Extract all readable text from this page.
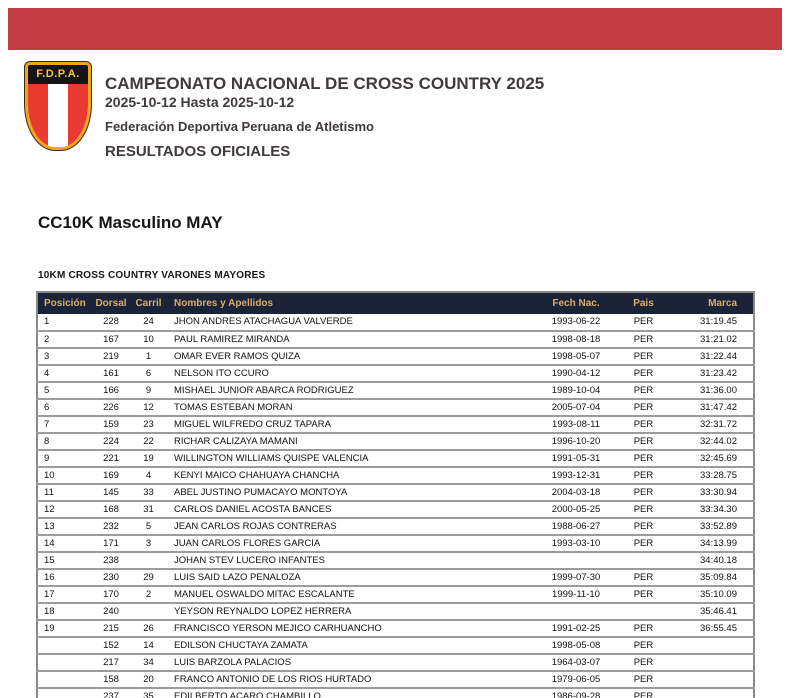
F.D.P.A.	CAMPEONATO NACIONAL DE CROSS COUNTRY 2025
2025-10-12 Hasta 2025-10-12
Federación Deportiva Peruana de Atletismo
RESULTADOS OFICIALES
CC10K Masculino MAY
10KM CROSS COUNTRY VARONES MAYORES
Posición	Dorsal	Carril	Nombres y Apellidos	Fech Nac.	Pais	Marca
1	228	24	JHON ANDRES ATACHAGUA VALVERDE	1993-06-22	PER	31:19.45
2	167	10	PAUL RAMIREZ MIRANDA	1998-08-18	PER	31:21.02
3	219	1	OMAR EVER RAMOS QUIZA	1998-05-07	PER	31:22.44
4	161	6	NELSON ITO CCURO	1990-04-12	PER	31:23.42
5	166	9	MISHAEL JUNIOR ABARCA RODRIGUEZ	1989-10-04	PER	31:36.00
6	226	12	TOMAS ESTEBAN MORAN	2005-07-04	PER	31:47.42
7	159	23	MIGUEL WILFREDO CRUZ TAPARA	1993-08-11	PER	32:31.72
8	224	22	RICHAR CALIZAYA MAMANI	1996-10-20	PER	32:44.02
9	221	19	WILLINGTON WILLIAMS QUISPE VALENCIA	1991-05-31	PER	32:45.69
10	169	4	KENYI MAICO CHAHUAYA CHANCHA	1993-12-31	PER	33:28.75
11	145	33	ABEL JUSTINO PUMACAYO MONTOYA	2004-03-18	PER	33:30.94
12	168	31	CARLOS DANIEL ACOSTA BANCES	2000-05-25	PER	33:34.30
13	232	5	JEAN CARLOS ROJAS CONTRERAS	1988-06-27	PER	33:52.89
14	171	3	JUAN CARLOS FLORES GARCIA	1993-03-10	PER	34:13.99
15	238		JOHAN STEV LUCERO INFANTES			34:40.18
16	230	29	LUIS SAID LAZO PENALOZA	1999-07-30	PER	35:09.84
17	170	2	MANUEL OSWALDO MITAC ESCALANTE	1999-11-10	PER	35:10.09
18	240		YEYSON REYNALDO LOPEZ HERRERA			35:46.41
19	215	26	FRANCISCO YERSON MEJICO CARHUANCHO	1991-02-25	PER	36:55.45
	152	14	EDILSON CHUCTAYA ZAMATA	1998-05-08	PER	
	217	34	LUIS BARZOLA PALACIOS	1964-03-07	PER	
	158	20	FRANCO ANTONIO DE LOS RIOS HURTADO	1979-06-05	PER	
	237	35	EDILBERTO ACARO CHAMBILLO	1986-09-28	PER	
